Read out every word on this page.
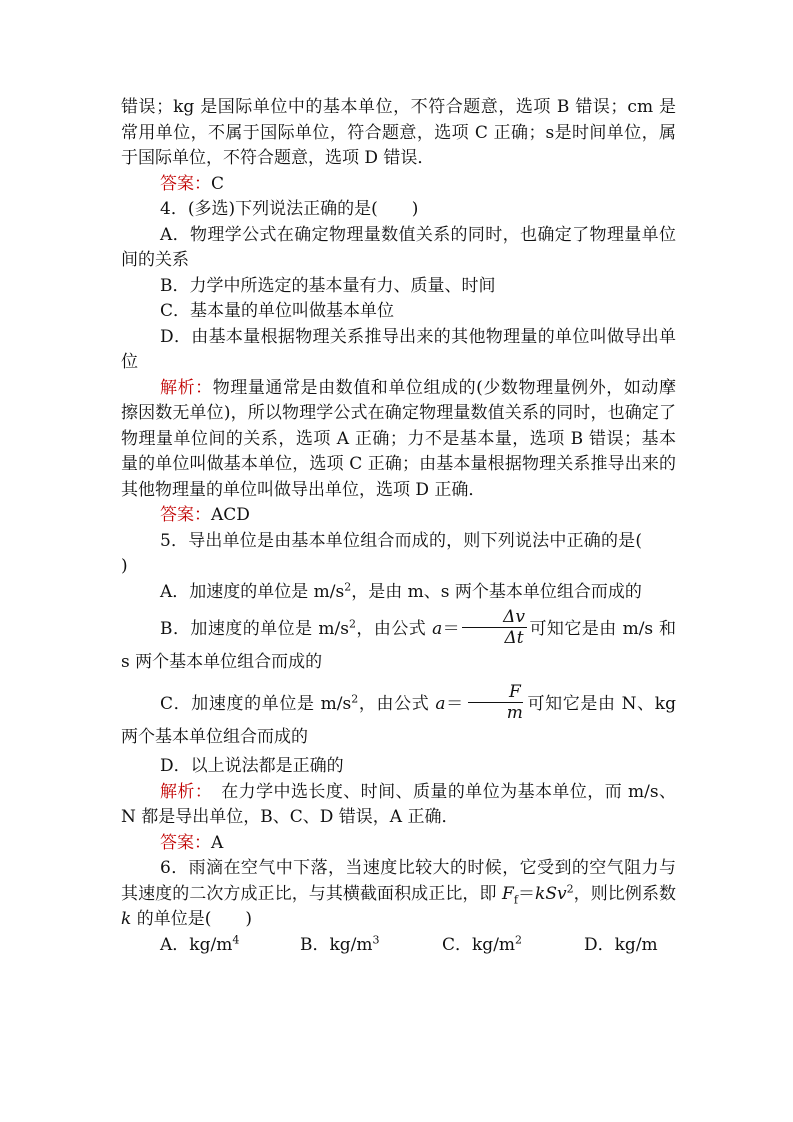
错误；kg 是国际单位中的基本单位，不符合题意，选项 B 错误；cm 是常用单位，不属于国际单位，符合题意，选项 C 正确；s是时间单位，属于国际单位，不符合题意，选项 D 错误．

答案：C

4．(多选)下列说法正确的是( )

A．物理学公式在确定物理量数值关系的同时，也确定了物理量单位间的关系

B．力学中所选定的基本量有力、质量、时间

C．基本量的单位叫做基本单位

D．由基本量根据物理关系推导出来的其他物理量的单位叫做导出单位

解析：物理量通常是由数值和单位组成的(少数物理量例外，如动摩擦因数无单位)，所以物理学公式在确定物理量数值关系的同时，也确定了物理量单位间的关系，选项 A 正确；力不是基本量，选项 B 错误；基本量的单位叫做基本单位，选项 C 正确；由基本量根据物理关系推导出来的其他物理量的单位叫做导出单位，选项 D 正确．

答案：ACD

5．导出单位是由基本单位组合而成的，则下列说法中正确的是()

A．加速度的单位是 $m/s^2$，是由 m、s 两个基本单位组合而成的

B．加速度的单位是 $m/s^2$，由公式 $a= \frac{\Delta v}{\Delta t}$ 可知它是由 m/s 和 s 两个基本单位组合而成的

C．加速度的单位是 $m/s^2$，由公式 $a= \frac{F}{m}$ 可知它是由 N、kg 两个基本单位组合而成的

D．以上说法都是正确的

解析：　在力学中选长度、时间、质量的单位为基本单位，而 m/s、N 都是导出单位，B、C、D 错误，A 正确．

答案：A

6．雨滴在空气中下落，当速度比较大的时候，它受到的空气阻力与其速度的二次方成正比，与其横截面积成正比，即 $F_f=kSv^2$，则比例系数 k 的单位是( )

A．$kg/m^4$	B．$kg/m^3$	C．$kg/m^2$	D．kg/m
